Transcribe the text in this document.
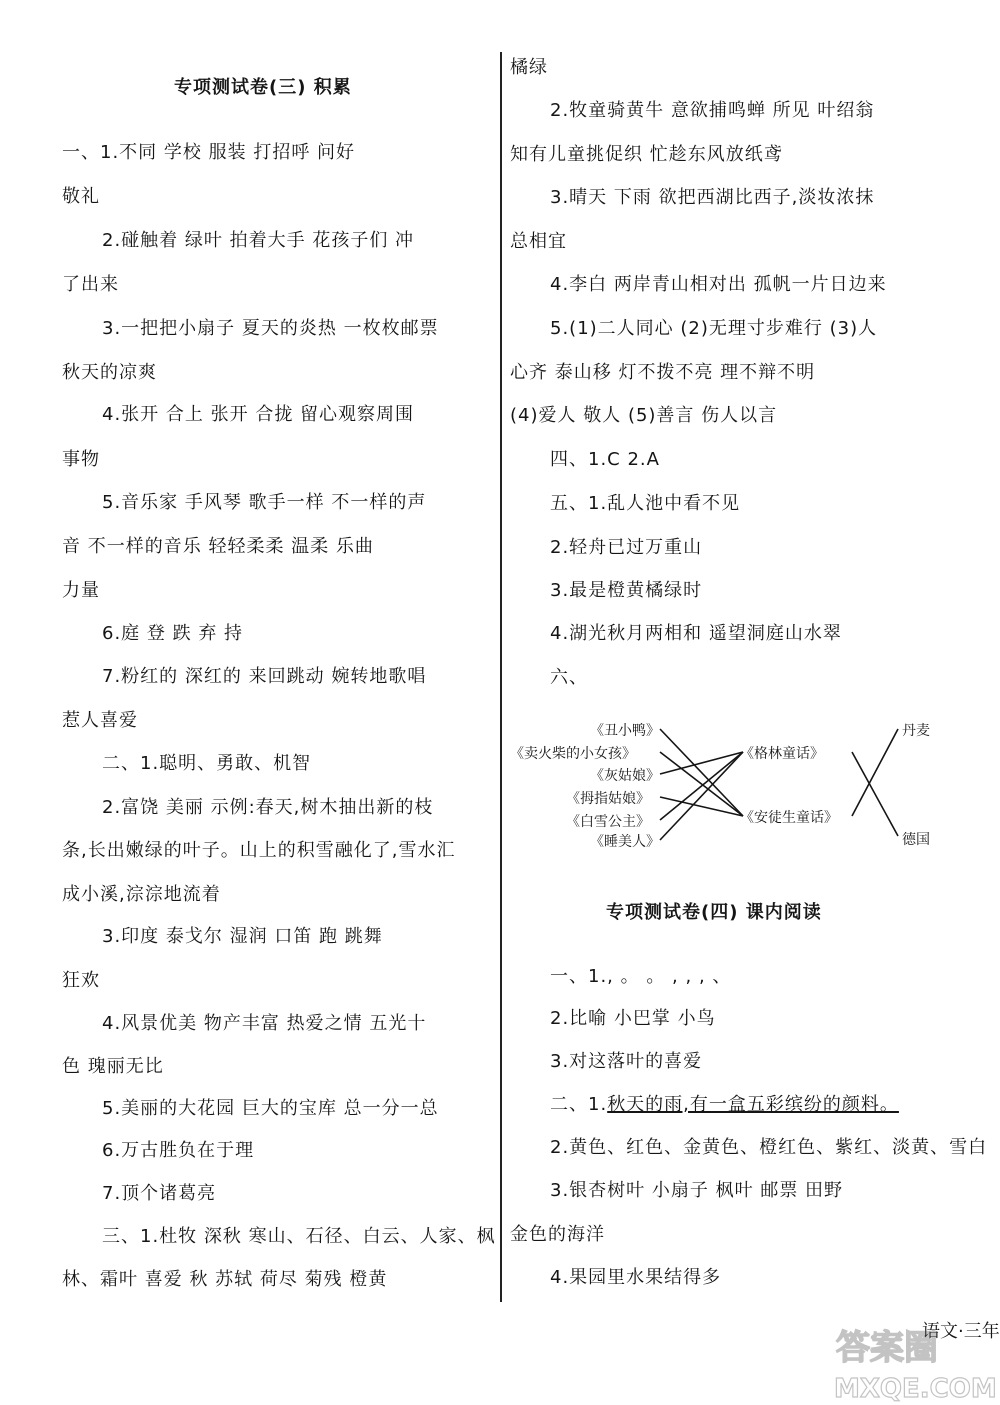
专项测试卷(三) 积累
一、1.不同 学校 服装 打招呼 问好
敬礼
2.碰触着 绿叶 拍着大手 花孩子们 冲
了出来
3.一把把小扇子 夏天的炎热 一枚枚邮票
秋天的凉爽
4.张开 合上 张开 合拢 留心观察周围
事物
5.音乐家 手风琴 歌手一样 不一样的声
音 不一样的音乐 轻轻柔柔 温柔 乐曲
力量
6.庭 登 跌 弃 持
7.粉红的 深红的 来回跳动 婉转地歌唱
惹人喜爱
二、1.聪明、勇敢、机智
2.富饶 美丽 示例:春天,树木抽出新的枝
条,长出嫩绿的叶子。山上的积雪融化了,雪水汇
成小溪,淙淙地流着
3.印度 泰戈尔 湿润 口笛 跑 跳舞
狂欢
4.风景优美 物产丰富 热爱之情 五光十
色 瑰丽无比
5.美丽的大花园 巨大的宝库 总一分一总
6.万古胜负在于理
7.顶个诸葛亮
三、1.杜牧 深秋 寒山、石径、白云、人家、枫
林、霜叶 喜爱 秋 苏轼 荷尽 菊残 橙黄
橘绿
2.牧童骑黄牛 意欲捕鸣蝉 所见 叶绍翁
知有儿童挑促织 忙趁东风放纸鸢
3.晴天 下雨 欲把西湖比西子,淡妆浓抹
总相宜
4.李白 两岸青山相对出 孤帆一片日边来
5.(1)二人同心 (2)无理寸步难行 (3)人
心齐 泰山移 灯不拨不亮 理不辩不明
(4)爱人 敬人 (5)善言 伤人以言
四、1.C 2.A
五、1.乱人池中看不见
2.轻舟已过万重山
3.最是橙黄橘绿时
4.湖光秋月两相和 遥望洞庭山水翠
六、
《丑小鸭》
《卖火柴的小女孩》
《灰姑娘》
《拇指姑娘》
《白雪公主》
《睡美人》
《格林童话》
《安徒生童话》
丹麦
德国
专项测试卷(四) 课内阅读
一、1., 。 。 , , , 、
2.比喻 小巴掌 小鸟
3.对这落叶的喜爱
二、1.秋天的雨,有一盒五彩缤纷的颜料。
2.黄色、红色、金黄色、橙红色、紫红、淡黄、雪白
3.银杏树叶 小扇子 枫叶 邮票 田野
金色的海洋
4.果园里水果结得多
语文·三年
答案圈
MXQE.COM
